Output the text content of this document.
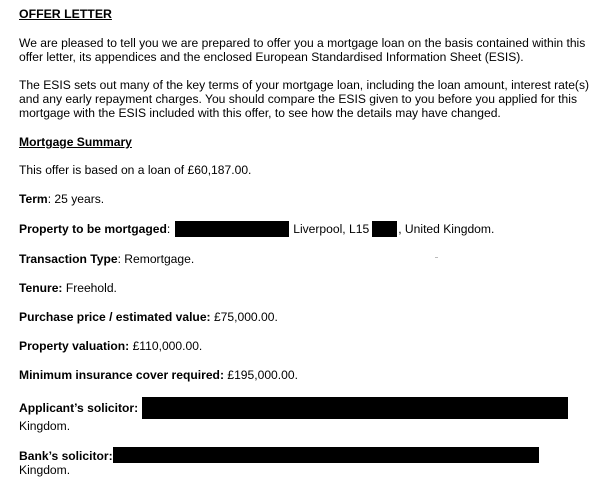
OFFER LETTER
We are pleased to tell you we are prepared to offer you a mortgage loan on the basis contained within this offer letter, its appendices and the enclosed European Standardised Information Sheet (ESIS).
The ESIS sets out many of the key terms of your mortgage loan, including the loan amount, interest rate(s) and any early repayment charges. You should compare the ESIS given to you before you applied for this mortgage with the ESIS included with this offer, to see how the details may have changed.
Mortgage Summary
This offer is based on a loan of £60,187.00.
Term: 25 years.
Property to be mortgaged:	Liverpool, L15 , United Kingdom.
Transaction Type: Remortgage.
Tenure: Freehold.
Purchase price / estimated value: £75,000.00.
Property valuation: £110,000.00.
Minimum insurance cover required: £195,000.00.
Applicant’s solicitor:
Kingdom.
Bank’s solicitor:
Kingdom.
